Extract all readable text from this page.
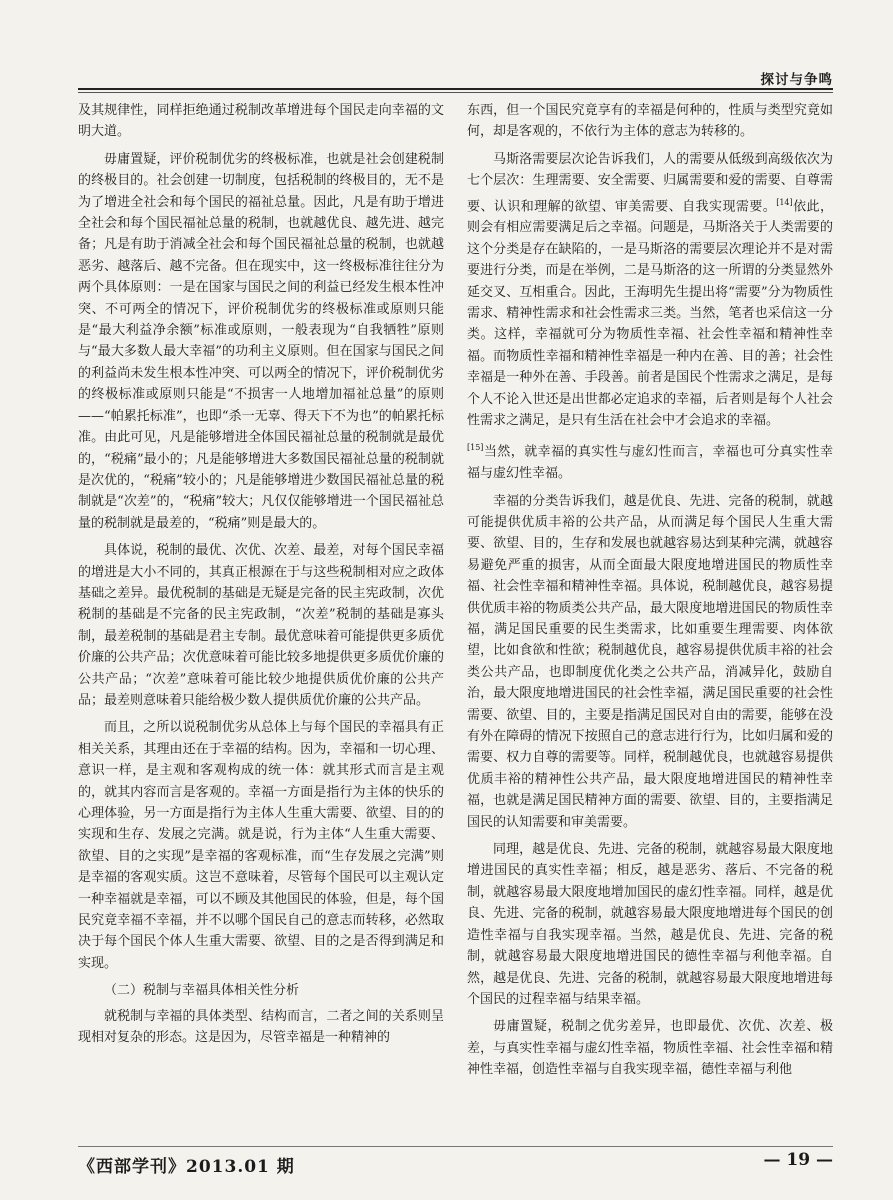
探讨与争鸣

及其规律性，同样拒绝通过税制改革增进每个国民走向幸福的文明大道。

毋庸置疑，评价税制优劣的终极标准，也就是社会创建税制的终极目的。社会创建一切制度，包括税制的终极目的，无不是为了增进全社会和每个国民的福祉总量。因此，凡是有助于增进全社会和每个国民福祉总量的税制，也就越优良、越先进、越完备；凡是有助于消减全社会和每个国民福祉总量的税制，也就越恶劣、越落后、越不完备。但在现实中，这一终极标准往往分为两个具体原则：一是在国家与国民之间的利益已经发生根本性冲突、不可两全的情况下，评价税制优劣的终极标准或原则只能是“最大利益净余额”标准或原则，一般表现为“自我牺牲”原则与“最大多数人最大幸福”的功利主义原则。但在国家与国民之间的利益尚未发生根本性冲突、可以两全的情况下，评价税制优劣的终极标准或原则只能是“不损害一人地增加福祉总量”的原则——“帕累托标准”，也即“杀一无辜、得天下不为也”的帕累托标准。由此可见，凡是能够增进全体国民福祉总量的税制就是最优的，“税痛”最小的；凡是能够增进大多数国民福祉总量的税制就是次优的，“税痛”较小的；凡是能够增进少数国民福祉总量的税制就是“次差”的，“税痛”较大；凡仅仅能够增进一个国民福祉总量的税制就是最差的，“税痛”则是最大的。

具体说，税制的最优、次优、次差、最差，对每个国民幸福的增进是大小不同的，其真正根源在于与这些税制相对应之政体基础之差异。最优税制的基础是无疑是完备的民主宪政制，次优税制的基础是不完备的民主宪政制，“次差”税制的基础是寡头制，最差税制的基础是君主专制。最优意味着可能提供更多质优价廉的公共产品；次优意味着可能比较多地提供更多质优价廉的公共产品；“次差”意味着可能比较少地提供质优价廉的公共产品；最差则意味着只能给极少数人提供质优价廉的公共产品。

而且，之所以说税制优劣从总体上与每个国民的幸福具有正相关关系，其理由还在于幸福的结构。因为，幸福和一切心理、意识一样，是主观和客观构成的统一体：就其形式而言是主观的，就其内容而言是客观的。幸福一方面是指行为主体的快乐的心理体验，另一方面是指行为主体人生重大需要、欲望、目的的实现和生存、发展之完满。就是说，行为主体“人生重大需要、欲望、目的之实现”是幸福的客观标准，而“生存发展之完满”则是幸福的客观实质。这岂不意味着，尽管每个国民可以主观认定一种幸福就是幸福，可以不顾及其他国民的体验，但是，每个国民究竟幸福不幸福，并不以哪个国民自己的意志而转移，必然取决于每个国民个体人生重大需要、欲望、目的之是否得到满足和实现。

（二）税制与幸福具体相关性分析

就税制与幸福的具体类型、结构而言，二者之间的关系则呈现相对复杂的形态。这是因为，尽管幸福是一种精神的

东西，但一个国民究竟享有的幸福是何种的，性质与类型究竟如何，却是客观的，不依行为主体的意志为转移的。

马斯洛需要层次论告诉我们，人的需要从低级到高级依次为七个层次：生理需要、安全需要、归属需要和爱的需要、自尊需要、认识和理解的欲望、审美需要、自我实现需要。[14]依此，则会有相应需要满足后之幸福。问题是，马斯洛关于人类需要的这个分类是存在缺陷的，一是马斯洛的需要层次理论并不是对需要进行分类，而是在举例，二是马斯洛的这一所谓的分类显然外延交叉、互相重合。因此，王海明先生提出将“需要”分为物质性需求、精神性需求和社会性需求三类。当然，笔者也采信这一分类。这样，幸福就可分为物质性幸福、社会性幸福和精神性幸福。而物质性幸福和精神性幸福是一种内在善、目的善；社会性幸福是一种外在善、手段善。前者是国民个性需求之满足，是每个人不论入世还是出世都必定追求的幸福，后者则是每个人社会性需求之满足，是只有生活在社会中才会追求的幸福。

[15]当然，就幸福的真实性与虚幻性而言，幸福也可分真实性幸福与虚幻性幸福。

幸福的分类告诉我们，越是优良、先进、完备的税制，就越可能提供优质丰裕的公共产品，从而满足每个国民人生重大需要、欲望、目的，生存和发展也就越容易达到某种完满，就越容易避免严重的损害，从而全面最大限度地增进国民的物质性幸福、社会性幸福和精神性幸福。具体说，税制越优良，越容易提供优质丰裕的物质类公共产品，最大限度地增进国民的物质性幸福，满足国民重要的民生类需求，比如重要生理需要、肉体欲望，比如食欲和性欲；税制越优良，越容易提供优质丰裕的社会类公共产品，也即制度优化类之公共产品，消减异化，鼓励自治，最大限度地增进国民的社会性幸福，满足国民重要的社会性需要、欲望、目的，主要是指满足国民对自由的需要，能够在没有外在障碍的情况下按照自己的意志进行行为，比如归属和爱的需要、权力自尊的需要等。同样，税制越优良，也就越容易提供优质丰裕的精神性公共产品，最大限度地增进国民的精神性幸福，也就是满足国民精神方面的需要、欲望、目的，主要指满足国民的认知需要和审美需要。

同理，越是优良、先进、完备的税制，就越容易最大限度地增进国民的真实性幸福；相反，越是恶劣、落后、不完备的税制，就越容易最大限度地增加国民的虚幻性幸福。同样，越是优良、先进、完备的税制，就越容易最大限度地增进每个国民的创造性幸福与自我实现幸福。当然，越是优良、先进、完备的税制，就越容易最大限度地增进国民的德性幸福与利他幸福。自然，越是优良、先进、完备的税制，就越容易最大限度地增进每个国民的过程幸福与结果幸福。

毋庸置疑，税制之优劣差异，也即最优、次优、次差、极差，与真实性幸福与虚幻性幸福，物质性幸福、社会性幸福和精神性幸福，创造性幸福与自我实现幸福，德性幸福与利他

《西部学刊》2013.01 期	— 19 —
